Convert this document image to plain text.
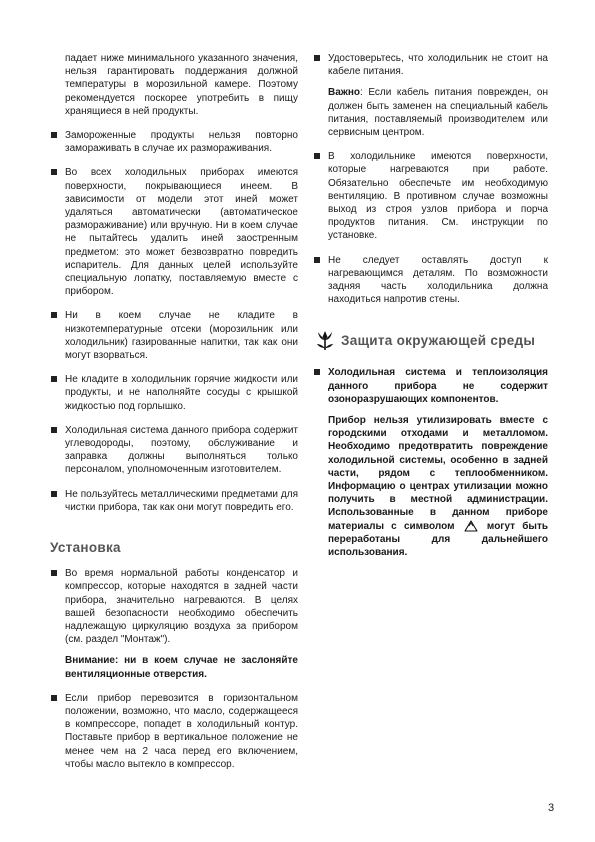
падает ниже минимального указанного значения, нельзя гарантировать поддержания должной температуры в морозильной камере. Поэтому рекомендуется поскорее употребить в пищу хранящиеся в ней продукты.

Замороженные продукты нельзя повторно замораживать в случае их размораживания.

Во всех холодильных приборах имеются поверхности, покрывающиеся инеем. В зависимости от модели этот иней может удаляться автоматически (автоматическое размораживание) или вручную. Ни в коем случае не пытайтесь удалить иней заостренным предметом: это может безвозвратно повредить испаритель. Для данных целей используйте специальную лопатку, поставляемую вместе с прибором.

Ни в коем случае не кладите в низкотемпературные отсеки (морозильник или холодильник) газированные напитки, так как они могут взорваться.

Не кладите в холодильник горячие жидкости или продукты, и не наполняйте сосуды с крышкой жидкостью под горлышко.

Холодильная система данного прибора содержит углеводороды, поэтому, обслуживание и заправка должны выполняться только персоналом, уполномоченным изготовителем.

Не пользуйтесь металлическими предметами для чистки прибора, так как они могут повредить его.

Установка

Во время нормальной работы конденсатор и компрессор, которые находятся в задней части прибора, значительно нагреваются. В целях вашей безопасности необходимо обеспечить надлежащую циркуляцию воздуха за прибором (см. раздел "Монтаж").

Внимание: ни в коем случае не заслоняйте вентиляционные отверстия.

Если прибор перевозится в горизонтальном положении, возможно, что масло, содержащееся в компрессоре, попадет в холодильный контур. Поставьте прибор в вертикальное положение не менее чем на 2 часа перед его включением, чтобы масло вытекло в компрессор.

Удостоверьтесь, что холодильник не стоит на кабеле питания.

Важно: Если кабель питания поврежден, он должен быть заменен на специальный кабель питания, поставляемый производителем или сервисным центром.

В холодильнике имеются поверхности, которые нагреваются при работе. Обязательно обеспечьте им необходимую вентиляцию. В противном случае возможны выход из строя узлов прибора и порча продуктов питания. См. инструкции по установке.

Не следует оставлять доступ к нагревающимся деталям. По возможности задняя часть холодильника должна находиться напротив стены.

Защита окружающей среды

Холодильная система и теплоизоляция данного прибора не содержит озоноразрушающих компонентов.

Прибор нельзя утилизировать вместе с городскими отходами и металломом. Необходимо предотвратить повреждение холодильной системы, особенно в задней части, рядом с теплообменником. Информацию о центрах утилизации можно получить в местной администрации. Использованные в данном приборе материалы с символом	могут быть переработаны для дальнейшего использования.

3
